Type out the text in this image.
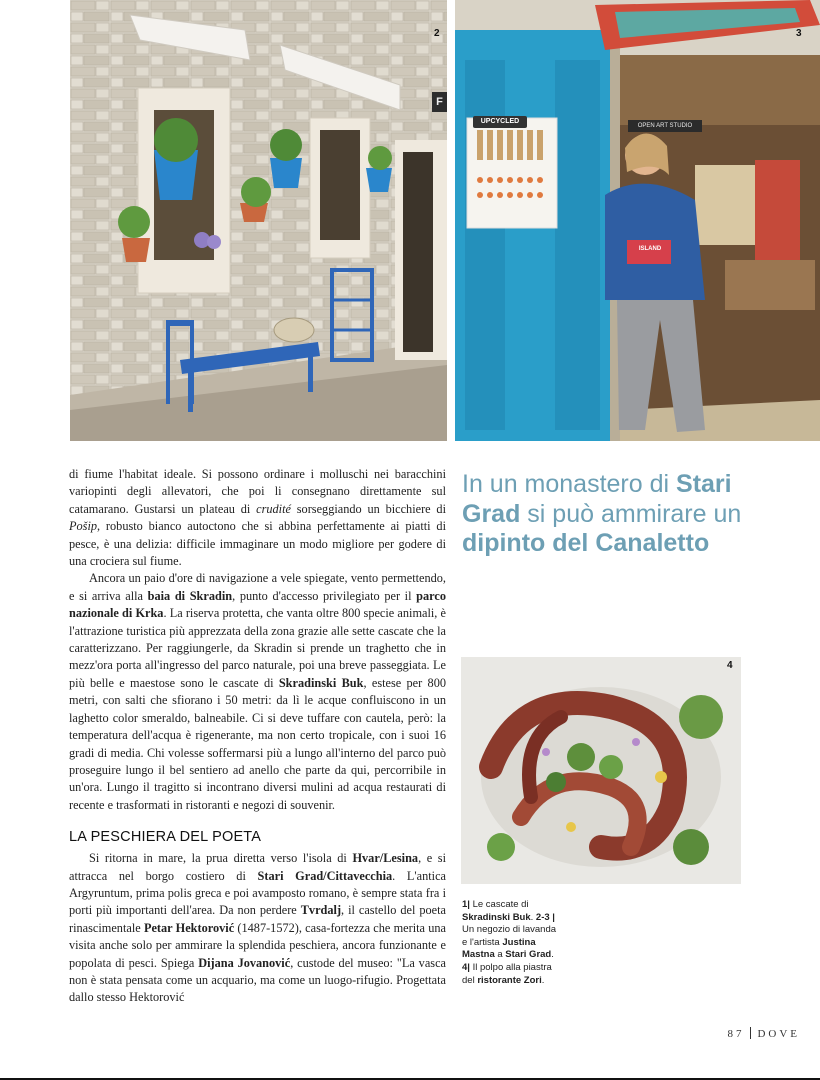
F
2
UPCYCLED
OPEN ART STUDIO
ISLAND
3

di fiume l'habitat ideale. Si possono ordinare i molluschi nei baracchini variopinti degli allevatori, che poi li consegnano direttamente sul catamarano. Gustarsi un plateau di crudité sorseggiando un bicchiere di Pošip, robusto bianco autoctono che si abbina perfettamente ai piatti di pesce, è una delizia: difficile immaginare un modo migliore per godere di una crociera sul fiume.

Ancora un paio d'ore di navigazione a vele spiegate, vento permettendo, e si arriva alla baia di Skradin, punto d'accesso privilegiato per il parco nazionale di Krka. La riserva protetta, che vanta oltre 800 specie animali, è l'attrazione turistica più apprezzata della zona grazie alle sette cascate che la caratterizzano. Per raggiungerle, da Skradin si prende un traghetto che in mezz'ora porta all'ingresso del parco naturale, poi una breve passeggiata. Le più belle e maestose sono le cascate di Skradinski Buk, estese per 800 metri, con salti che sfiorano i 50 metri: da lì le acque confluiscono in un laghetto color smeraldo, balneabile. Ci si deve tuffare con cautela, però: la temperatura dell'acqua è rigenerante, ma non certo tropicale, con i suoi 16 gradi di media. Chi volesse soffermarsi più a lungo all'interno del parco può proseguire lungo il bel sentiero ad anello che parte da qui, percorribile in un'ora. Lungo il tragitto si incontrano diversi mulini ad acqua restaurati di recente e trasformati in ristoranti e negozi di souvenir.

LA PESCHIERA DEL POETA

Si ritorna in mare, la prua diretta verso l'isola di Hvar/Lesina, e si attracca nel borgo costiero di Stari Grad/Cittavecchia. L'antica Argyruntum, prima polis greca e poi avamposto romano, è sempre stata fra i porti più importanti dell'area. Da non perdere Tvrdalj, il castello del poeta rinascimentale Petar Hektorović (1487-1572), casa-fortezza che merita una visita anche solo per ammirare la splendida peschiera, ancora funzionante e popolata di pesci. Spiega Dijana Jovanović, custode del museo: "La vasca non è stata pensata come un acquario, ma come un luogo-rifugio. Progettata dallo stesso Hektorović

In un monastero di Stari Grad si può ammirare un dipinto del Canaletto
4
1| Le cascate di Skradinski Buk. 2-3 | Un negozio di lavanda e l'artista Justina Mastna a Stari Grad. 4| Il polpo alla piastra del ristorante Zori.
87 DOVE
